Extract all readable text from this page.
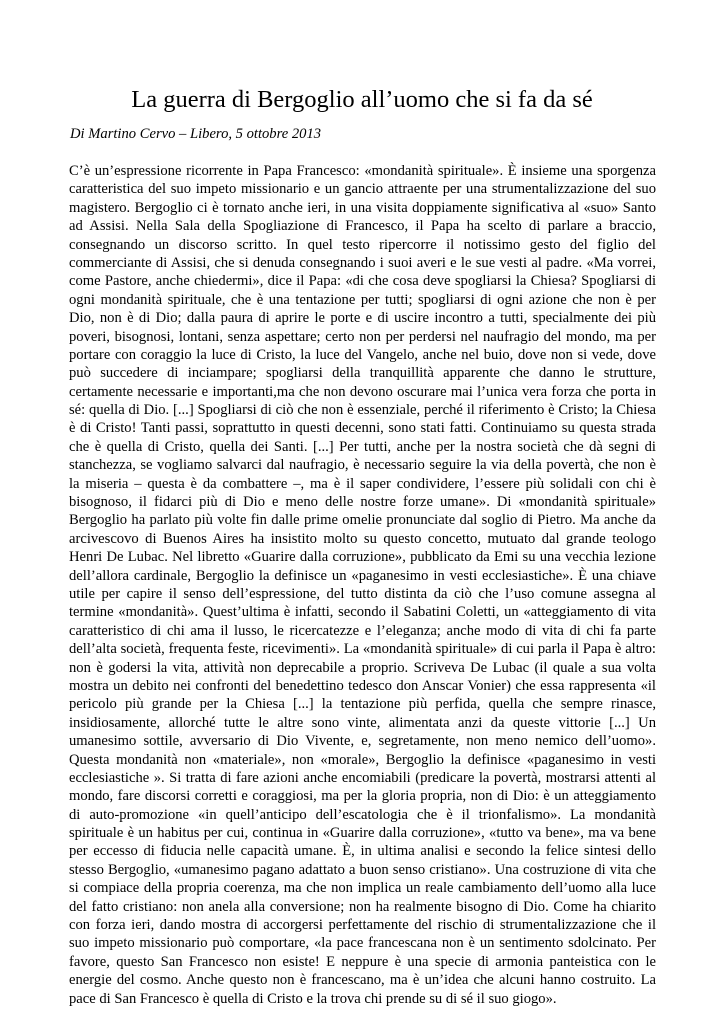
La guerra di Bergoglio all’uomo che si fa da sé

Di Martino Cervo – Libero, 5 ottobre 2013

C’è un’espressione ricorrente in Papa Francesco: «mondanità spirituale». È insieme una sporgenza
caratteristica del suo impeto missionario e un gancio attraente per una strumentalizzazione del suo
magistero. Bergoglio ci è tornato anche ieri, in una visita doppiamente significativa al «suo» Santo
ad Assisi. Nella Sala della Spogliazione di Francesco, il Papa ha scelto di parlare a braccio,
consegnando un discorso scritto. In quel testo ripercorre il notissimo gesto del figlio del
commerciante di Assisi, che si denuda consegnando i suoi averi e le sue vesti al padre. «Ma vorrei,
come Pastore, anche chiedermi», dice il Papa: «di che cosa deve spogliarsi la Chiesa? Spogliarsi di
ogni mondanità spirituale, che è una tentazione per tutti; spogliarsi di ogni azione che non è per
Dio, non è di Dio; dalla paura di aprire le porte e di uscire incontro a tutti, specialmente dei più
poveri, bisognosi, lontani, senza aspettare; certo non per perdersi nel naufragio del mondo, ma per
portare con coraggio la luce di Cristo, la luce del Vangelo, anche nel buio, dove non si vede, dove
può succedere di inciampare; spogliarsi della tranquillità apparente che danno le strutture,
certamente necessarie e importanti,ma che non devono oscurare mai l’unica vera forza che porta in
sé: quella di Dio. [...] Spogliarsi di ciò che non è essenziale, perché il riferimento è Cristo; la Chiesa
è di Cristo! Tanti passi, soprattutto in questi decenni, sono stati fatti. Continuiamo su questa strada
che è quella di Cristo, quella dei Santi. [...] Per tutti, anche per la nostra società che dà segni di
stanchezza, se vogliamo salvarci dal naufragio, è necessario seguire la via della povertà, che non è
la miseria – questa è da combattere –, ma è il saper condividere, l’essere più solidali con chi è
bisognoso, il fidarci più di Dio e meno delle nostre forze umane». Di «mondanità spirituale»
Bergoglio ha parlato più volte fin dalle prime omelie pronunciate dal soglio di Pietro. Ma anche da
arcivescovo di Buenos Aires ha insistito molto su questo concetto, mutuato dal grande teologo
Henri De Lubac. Nel libretto «Guarire dalla corruzione», pubblicato da Emi su una vecchia lezione
dell’allora cardinale, Bergoglio la definisce un «paganesimo in vesti ecclesiastiche». È una chiave
utile per capire il senso dell’espressione, del tutto distinta da ciò che l’uso comune assegna al
termine «mondanità». Quest’ultima è infatti, secondo il Sabatini Coletti, un «atteggiamento di vita
caratteristico di chi ama il lusso, le ricercatezze e l’eleganza; anche modo di vita di chi fa parte
dell’alta società, frequenta feste, ricevimenti». La «mondanità spirituale» di cui parla il Papa è altro:
non è godersi la vita, attività non deprecabile a proprio. Scriveva De Lubac (il quale a sua volta
mostra un debito nei confronti del benedettino tedesco don Anscar Vonier) che essa rappresenta «il
pericolo più grande per la Chiesa [...] la tentazione più perfida, quella che sempre rinasce,
insidiosamente, allorché tutte le altre sono vinte, alimentata anzi da queste vittorie [...] Un
umanesimo sottile, avversario di Dio Vivente, e, segretamente, non meno nemico dell’uomo».
Questa mondanità non «materiale», non «morale», Bergoglio la definisce «paganesimo in vesti
ecclesiastiche ». Si tratta di fare azioni anche encomiabili (predicare la povertà, mostrarsi attenti al
mondo, fare discorsi corretti e coraggiosi, ma per la gloria propria, non di Dio: è un atteggiamento
di auto-promozione «in quell’anticipo dell’escatologia che è il trionfalismo». La mondanità
spirituale è un habitus per cui, continua in «Guarire dalla corruzione», «tutto va bene», ma va bene
per eccesso di fiducia nelle capacità umane. È, in ultima analisi e secondo la felice sintesi dello
stesso Bergoglio, «umanesimo pagano adattato a buon senso cristiano». Una costruzione di vita che
si compiace della propria coerenza, ma che non implica un reale cambiamento dell’uomo alla luce
del fatto cristiano: non anela alla conversione; non ha realmente bisogno di Dio. Come ha chiarito
con forza ieri, dando mostra di accorgersi perfettamente del rischio di strumentalizzazione che il
suo impeto missionario può comportare, «la pace francescana non è un sentimento sdolcinato. Per
favore, questo San Francesco non esiste! E neppure è una specie di armonia panteistica con le
energie del cosmo. Anche questo non è francescano, ma è un’idea che alcuni hanno costruito. La
pace di San Francesco è quella di Cristo e la trova chi prende su di sé il suo giogo».
